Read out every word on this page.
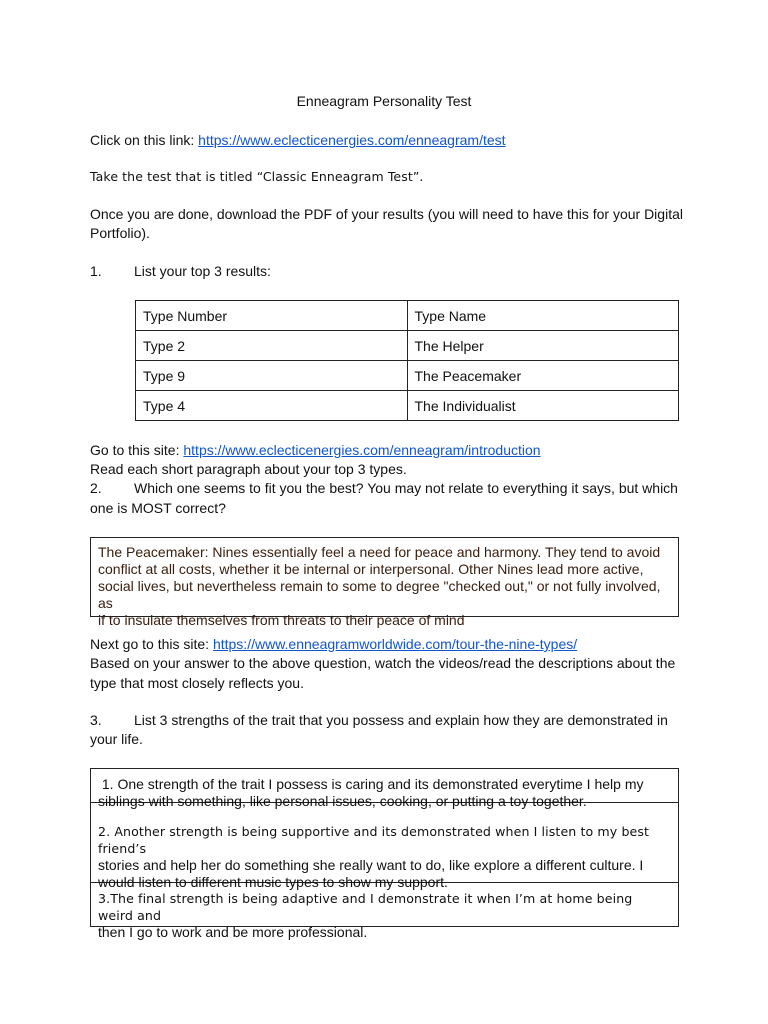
Enneagram Personality Test
Click on this link: https://www.eclecticenergies.com/enneagram/test
Take the test that is titled “Classic Enneagram Test”.
Once you are done, download the PDF of your results (you will need to have this for your Digital
Portfolio).
1. List your top 3 results:
Type Number	Type Name
Type 2	The Helper
Type 9	The Peacemaker
Type 4	The Individualist
Go to this site: https://www.eclecticenergies.com/enneagram/introduction
Read each short paragraph about your top 3 types.
2. Which one seems to fit you the best? You may not relate to everything it says, but which
one is MOST correct?

The Peacemaker: Nines essentially feel a need for peace and harmony. They tend to avoid

conflict at all costs, whether it be internal or interpersonal. Other Nines lead more active,

social lives, but nevertheless remain to some to degree "checked out," or not fully involved, as

if to insulate themselves from threats to their peace of mind

Next go to this site: https://www.enneagramworldwide.com/tour-the-nine-types/
Based on your answer to the above question, watch the videos/read the descriptions about the
type that most closely reflects you.
3. List 3 strengths of the trait that you possess and explain how they are demonstrated in
your life.

1. One strength of the trait I possess is caring and its demonstrated everytime I help my

siblings with something, like personal issues, cooking, or putting a toy together.

2. Another strength is being supportive and its demonstrated when I listen to my best friend’s

stories and help her do something she really want to do, like explore a different culture. I

would listen to different music types to show my support.

3.The final strength is being adaptive and I demonstrate it when I’m at home being weird and

then I go to work and be more professional.
